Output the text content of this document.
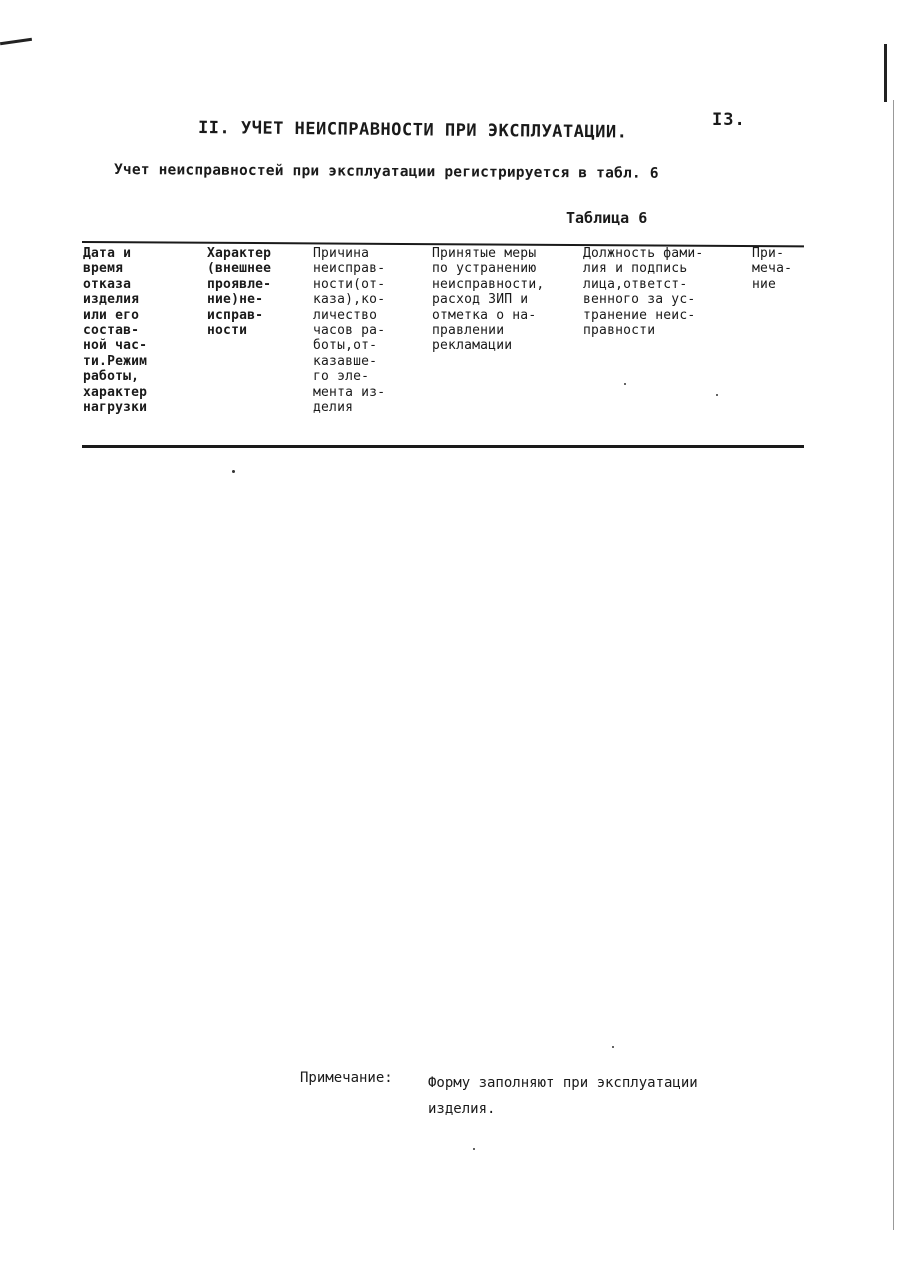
I3.
II. УЧЕТ НЕИСПРАВНОСТИ ПРИ ЭКСПЛУАТАЦИИ.
Учет неисправностей при эксплуатации регистрируется в табл. 6
Таблица 6
Дата и
время
отказа
изделия
или его
состав-
ной час-
ти.Режим
работы,
характер
нагрузки
Характер
(внешнее
проявле-
ние)не-
исправ-
ности
Причина
неисправ-
ности(от-
каза),ко-
личество
часов ра-
боты,от-
казавше-
го эле-
мента из-
делия
Принятые меры
по устранению
неисправности,
расход ЗИП и
отметка о на-
правлении
рекламации
Должность фами-
лия и подпись
лица,ответст-
венного за ус-
транение неис-
правности
При-
меча-
ние
Примечание:	Форму заполняют при эксплуатации
изделия.
